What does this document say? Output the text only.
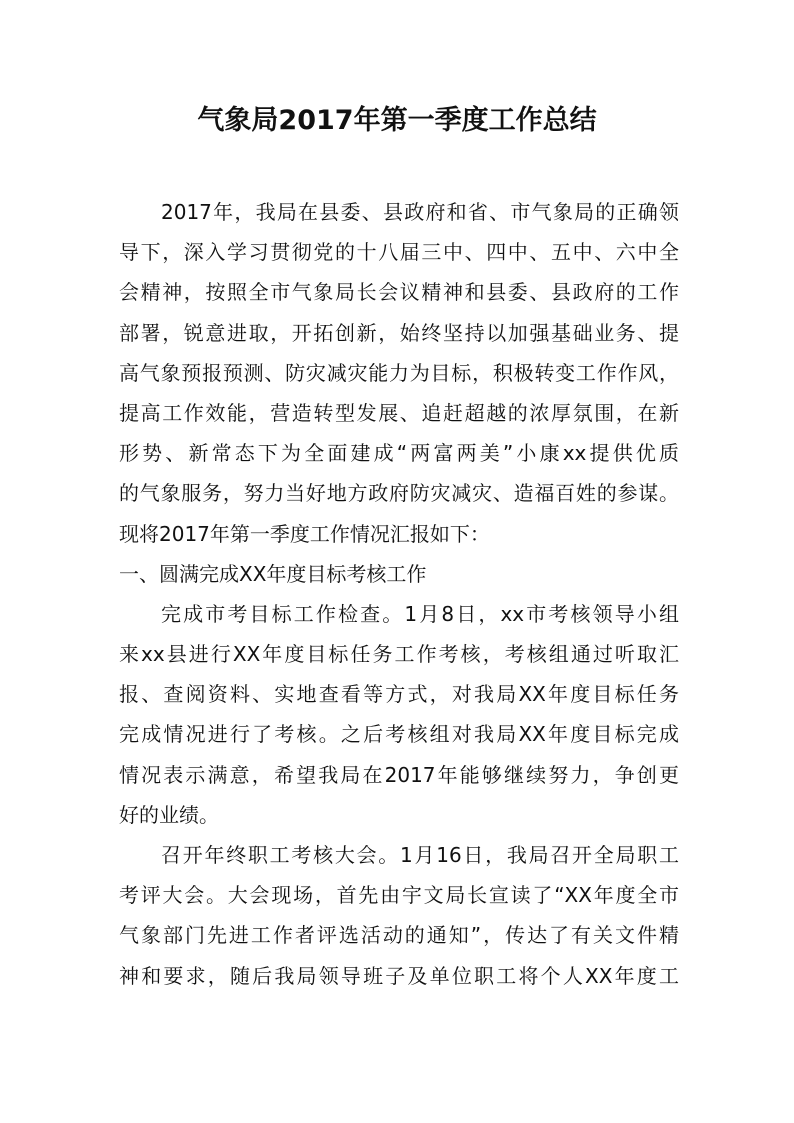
气象局2017年第一季度工作总结
2017年，我局在县委、县政府和省、市气象局的正确领
导下，深入学习贯彻党的十八届三中、四中、五中、六中全
会精神，按照全市气象局长会议精神和县委、县政府的工作
部署，锐意进取，开拓创新，始终坚持以加强基础业务、提
高气象预报预测、防灾减灾能力为目标，积极转变工作作风，
提高工作效能，营造转型发展、追赶超越的浓厚氛围，在新
形势、新常态下为全面建成“两富两美”小康xx提供优质
的气象服务，努力当好地方政府防灾减灾、造福百姓的参谋。
现将2017年第一季度工作情况汇报如下：
一、圆满完成XX年度目标考核工作
完成市考目标工作检查。1月8日，xx市考核领导小组
来xx县进行XX年度目标任务工作考核，考核组通过听取汇
报、查阅资料、实地查看等方式，对我局XX年度目标任务
完成情况进行了考核。之后考核组对我局XX年度目标完成
情况表示满意，希望我局在2017年能够继续努力，争创更
好的业绩。
召开年终职工考核大会。1月16日，我局召开全局职工
考评大会。大会现场，首先由宇文局长宣读了“XX年度全市
气象部门先进工作者评选活动的通知”，传达了有关文件精
神和要求，随后我局领导班子及单位职工将个人XX年度工
